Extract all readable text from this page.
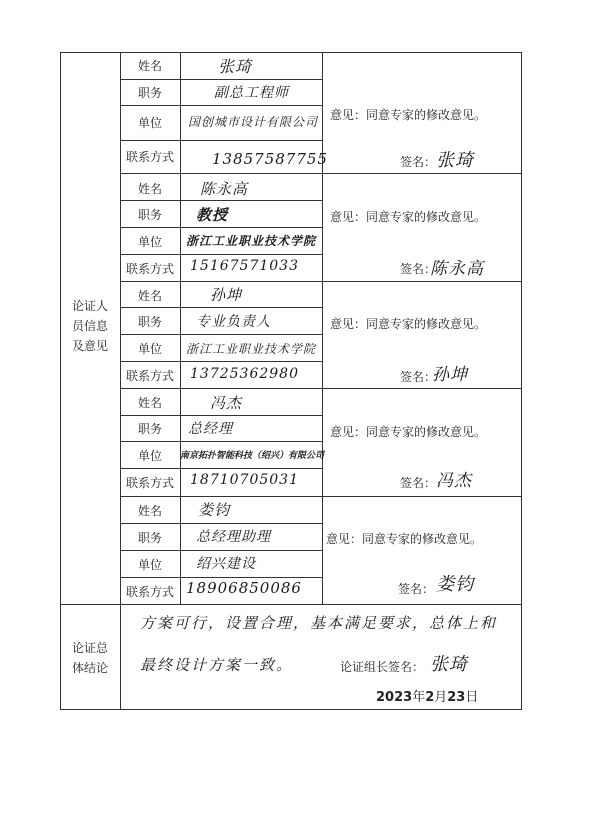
论证人
员信息
及意见
姓名
职务
单位
联系方式
张琦
副总工程师
国创城市设计有限公司
13857587755
意见：同意专家的修改意见。
签名： 张琦
姓名
职务
单位
联系方式
陈永高
教授
浙江工业职业技术学院
15167571033
意见：同意专家的修改意见。
签名：
陈永高
姓名
职务
单位
联系方式
孙坤
专业负责人
浙江工业职业技术学院
13725362980
意见：同意专家的修改意见。
签名：
孙坤
姓名
职务
单位
联系方式
冯杰
总经理
南京拓扑智能科技（绍兴）有限公司
18710705031
意见：同意专家的修改意见。
签名： 冯杰
姓名
职务
单位
联系方式
娄钧
总经理助理
绍兴建设
18906850086
意见：同意专家的修改意见。
签名： 娄钧
论证总
体结论
方案可行，设置合理，基本满足要求，总体上和
最终设计方案一致。	论证组长签名： 张琦
2023年2月23日
